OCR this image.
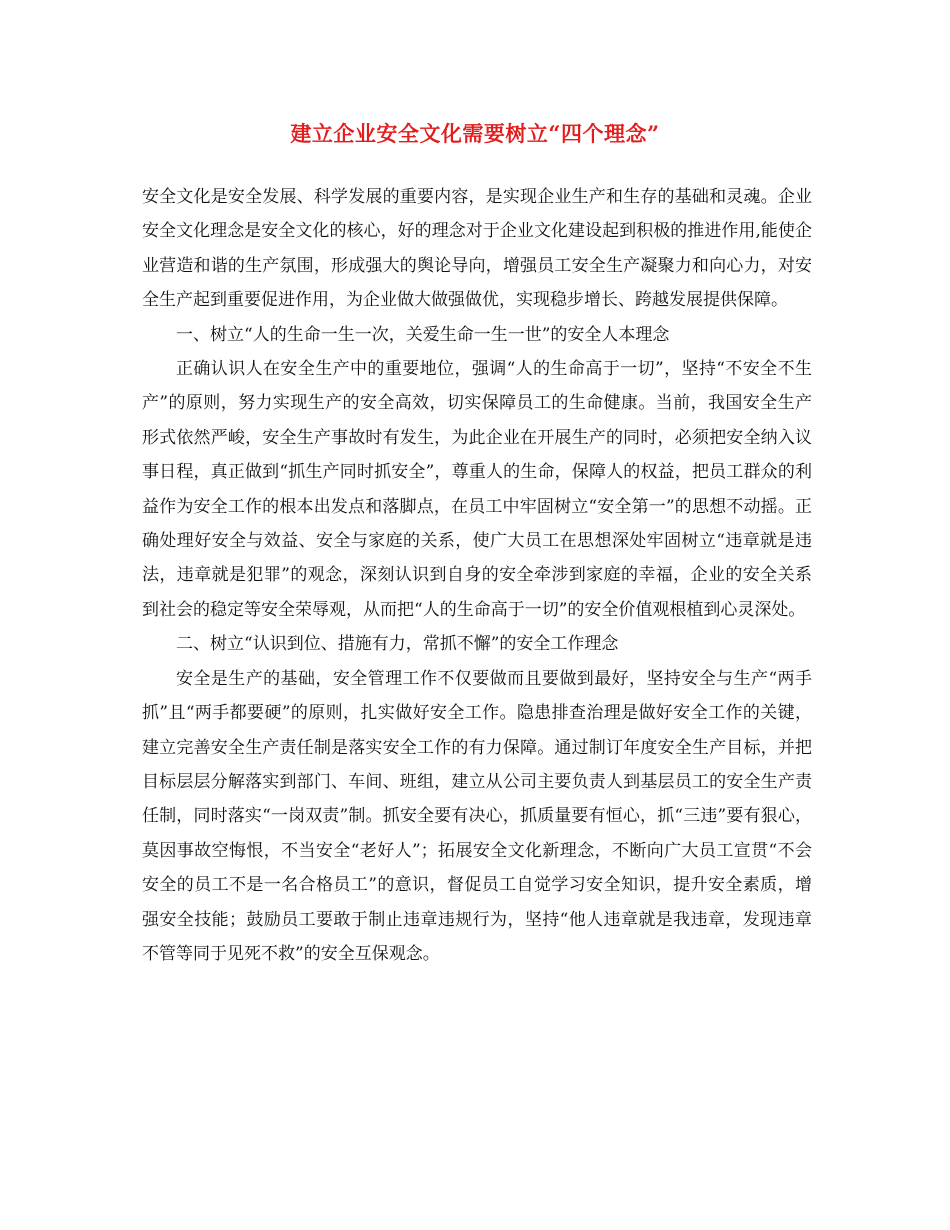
建立企业安全文化需要树立“四个理念”

安全文化是安全发展、科学发展的重要内容，是实现企业生产和生存的基础和灵魂。企业安全文化理念是安全文化的核心，好的理念对于企业文化建设起到积极的推进作用,能使企业营造和谐的生产氛围，形成强大的舆论导向，增强员工安全生产凝聚力和向心力，对安全生产起到重要促进作用，为企业做大做强做优，实现稳步增长、跨越发展提供保障。

一、树立“人的生命一生一次，关爱生命一生一世”的安全人本理念

正确认识人在安全生产中的重要地位，强调“人的生命高于一切”，坚持“不安全不生产”的原则，努力实现生产的安全高效，切实保障员工的生命健康。当前，我国安全生产形式依然严峻，安全生产事故时有发生，为此企业在开展生产的同时，必须把安全纳入议事日程，真正做到“抓生产同时抓安全”，尊重人的生命，保障人的权益，把员工群众的利益作为安全工作的根本出发点和落脚点，在员工中牢固树立“安全第一”的思想不动摇。正确处理好安全与效益、安全与家庭的关系，使广大员工在思想深处牢固树立“违章就是违法，违章就是犯罪”的观念，深刻认识到自身的安全牵涉到家庭的幸福，企业的安全关系到社会的稳定等安全荣辱观，从而把“人的生命高于一切”的安全价值观根植到心灵深处。

二、树立“认识到位、措施有力，常抓不懈”的安全工作理念

安全是生产的基础，安全管理工作不仅要做而且要做到最好，坚持安全与生产“两手抓”且“两手都要硬”的原则，扎实做好安全工作。隐患排查治理是做好安全工作的关键，建立完善安全生产责任制是落实安全工作的有力保障。通过制订年度安全生产目标，并把目标层层分解落实到部门、车间、班组，建立从公司主要负责人到基层员工的安全生产责任制，同时落实“一岗双责”制。抓安全要有决心，抓质量要有恒心，抓“三违”要有狠心，莫因事故空悔恨，不当安全“老好人”；拓展安全文化新理念，不断向广大员工宣贯“不会安全的员工不是一名合格员工”的意识，督促员工自觉学习安全知识，提升安全素质，增强安全技能；鼓励员工要敢于制止违章违规行为，坚持“他人违章就是我违章，发现违章不管等同于见死不救”的安全互保观念。
